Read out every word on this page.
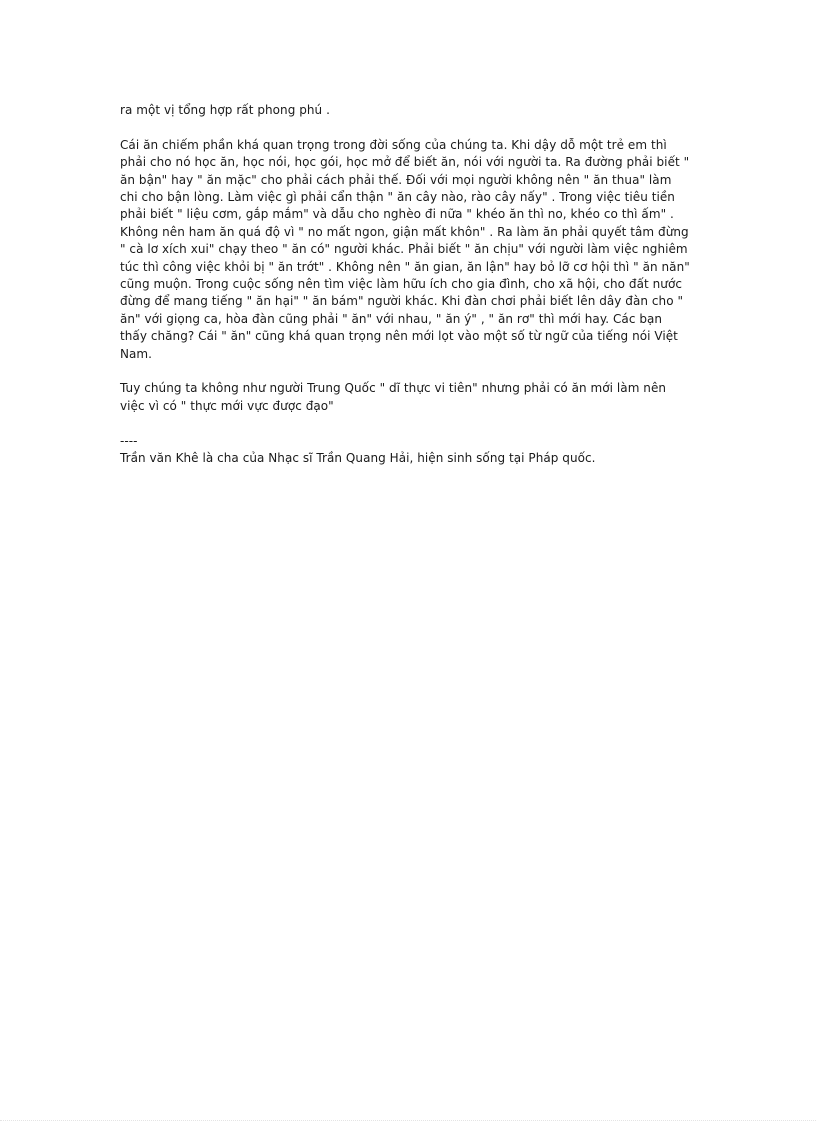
ra một vị tổng hợp rất phong phú .

Cái ăn chiếm phần khá quan trọng trong đời sống của chúng ta. Khi dậy dỗ một trẻ em thì phải cho nó học ăn, học nói, học gói, học mở để biết ăn, nói với người ta. Ra đường phải biết " ăn bận" hay " ăn mặc" cho phải cách phải thế. Đối với mọi người không nên " ăn thua" làm chi cho bận lòng. Làm việc gì phải cẩn thận " ăn cây nào, rào cây nấy" . Trong việc tiêu tiền phải biết " liệu cơm, gắp mắm" và dẫu cho nghèo đi nữa " khéo ăn thì no, khéo co thì ấm" . Không nên ham ăn quá độ vì " no mất ngon, giận mất khôn" . Ra làm ăn phải quyết tâm đừng " cà lơ xích xui" chạy theo " ăn có" người khác. Phải biết " ăn chịu" với người làm việc nghiêm túc thì công việc khỏi bị " ăn trớt" . Không nên " ăn gian, ăn lận" hay bỏ lỡ cơ hội thì " ăn năn" cũng muộn. Trong cuộc sống nên tìm việc làm hữu ích cho gia đình, cho xã hội, cho đất nước đừng để mang tiếng " ăn hại" " ăn bám" người khác. Khi đàn chơi phải biết lên dây đàn cho " ăn" với giọng ca, hòa đàn cũng phải " ăn" với nhau, " ăn ý" , " ăn rơ" thì mới hay. Các bạn thấy chăng? Cái " ăn" cũng khá quan trọng nên mới lọt vào một số từ ngữ của tiếng nói Việt Nam.

Tuy chúng ta không như người Trung Quốc " dĩ thực vi tiên" nhưng phải có ăn mới làm nên việc vì có " thực mới vực được đạo"

----

Trần văn Khê là cha của Nhạc sĩ Trần Quang Hải, hiện sinh sống tại Pháp quốc.
